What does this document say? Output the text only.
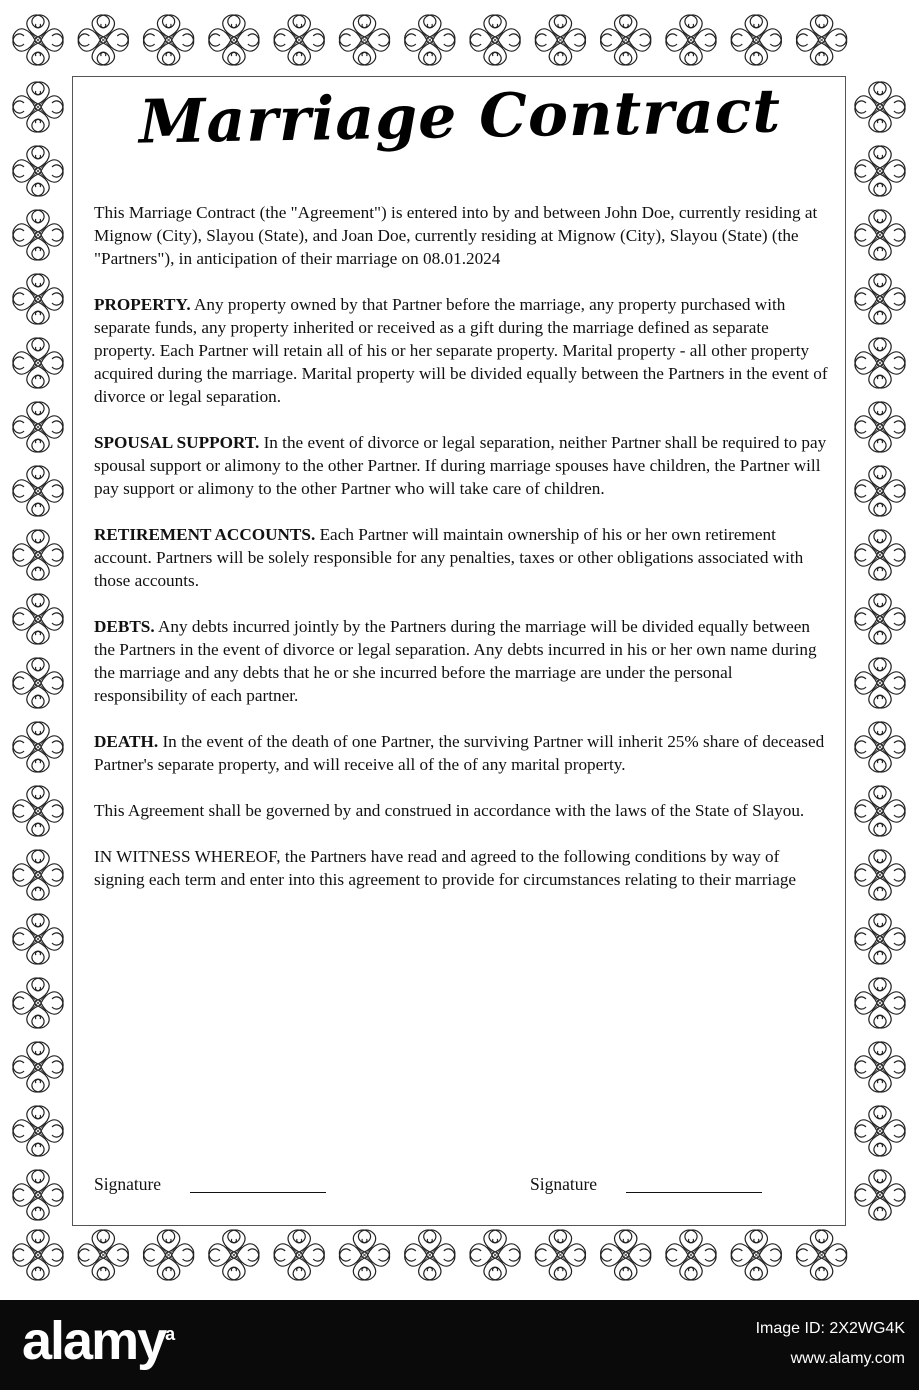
Marriage Contract

This Marriage Contract (the "Agreement") is entered into by and between John Doe, currently residing at Mignow (City), Slayou (State), and Joan Doe, currently residing at Mignow (City), Slayou (State) (the "Partners"), in anticipation of their marriage on 08.01.2024

PROPERTY. Any property owned by that Partner before the marriage, any property purchased with separate funds, any property inherited or received as a gift during the marriage defined as separate property. Each Partner will retain all of his or her separate property. Marital property - all other property acquired during the marriage. Marital property will be divided equally between the Partners in the event of divorce or legal separation.

SPOUSAL SUPPORT. In the event of divorce or legal separation, neither Partner shall be required to pay spousal support or alimony to the other Partner. If during marriage spouses have children, the Partner will pay support or alimony to the other Partner who will take care of children.

RETIREMENT ACCOUNTS. Each Partner will maintain ownership of his or her own retirement account. Partners will be solely responsible for any penalties, taxes or other obligations associated with those accounts.

DEBTS. Any debts incurred jointly by the Partners during the marriage will be divided equally between the Partners in the event of divorce or legal separation. Any debts incurred in his or her own name during the marriage and any debts that he or she incurred before the marriage are under the personal responsibility of each partner.

DEATH. In the event of the death of one Partner, the surviving Partner will inherit 25% share of deceased Partner's separate property, and will receive all of the of any marital property.

This Agreement shall be governed by and construed in accordance with the laws of the State of Slayou.

IN WITNESS WHEREOF, the Partners have read and agreed to the following conditions by way of signing each term and enter into this agreement to provide for circumstances relating to their marriage

Signature	Signature
alamy$^a$	Image ID: 2X2WG4K
www.alamy.com
